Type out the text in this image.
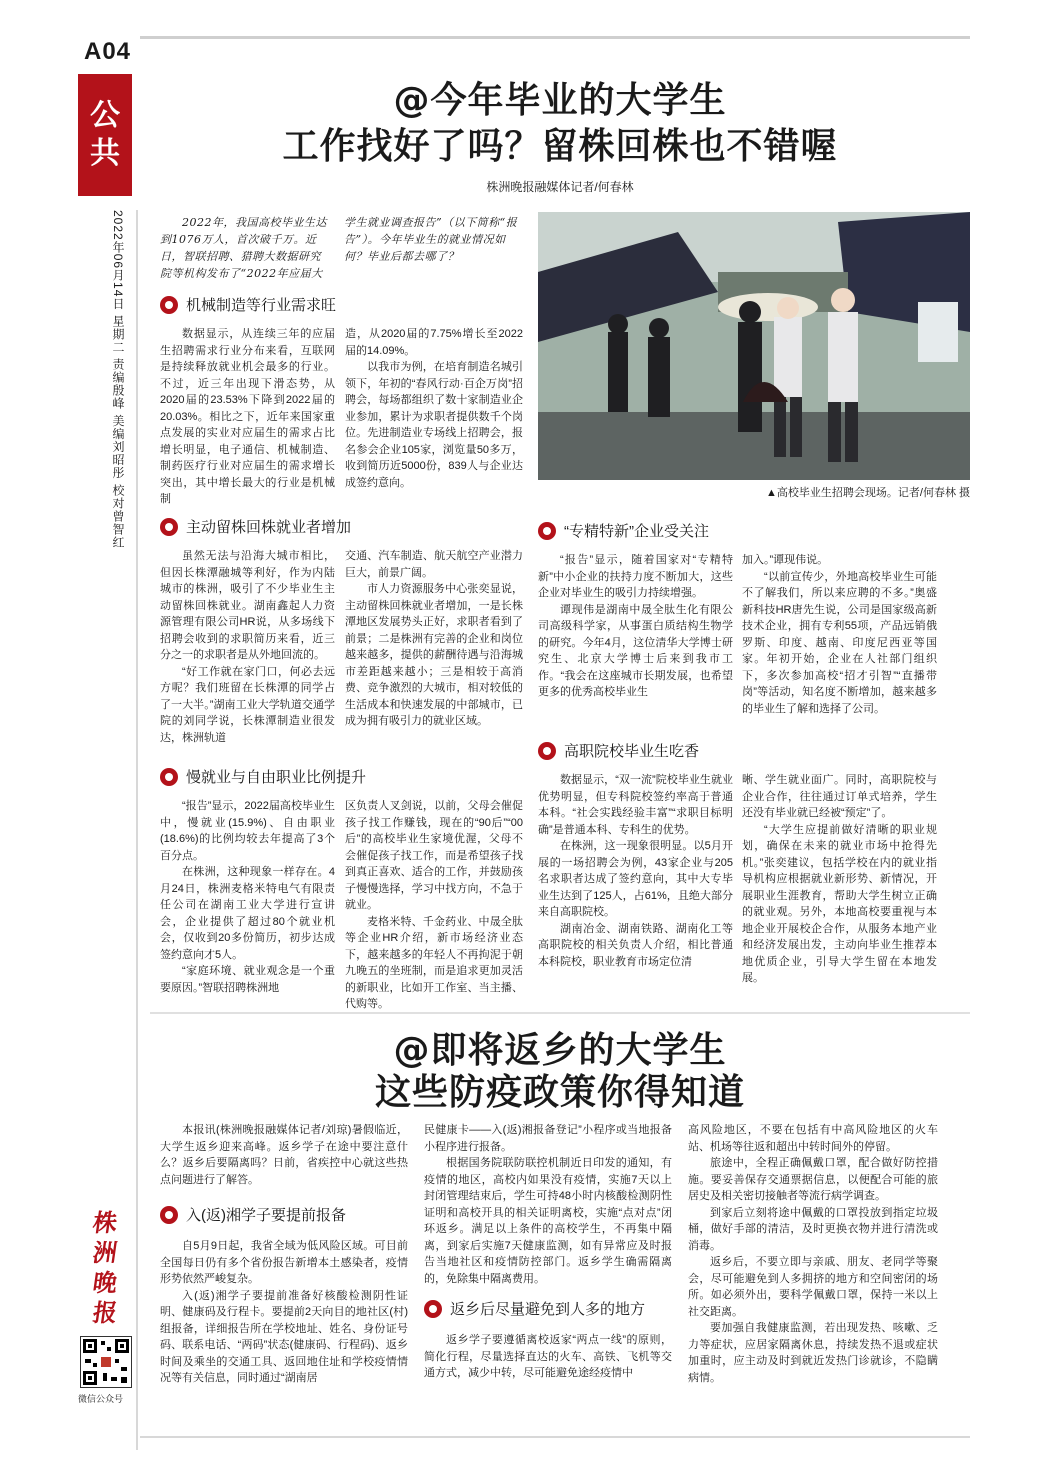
A04
公
共
2022年06月14日 星期二 责编殷峰 美编刘昭彤 校对曾智红
@今年毕业的大学生
工作找好了吗？留株回株也不错喔
株洲晚报融媒体记者/何春林
2022年，我国高校毕业生达到1076万人，首次破千万。近日，智联招聘、猎聘大数据研究院等机构发布了“2022年应届大
学生就业调查报告”（以下简称“报告”）。今年毕业生的就业情况如何？毕业后都去哪了？
机械制造等行业需求旺

数据显示，从连续三年的应届生招聘需求行业分布来看，互联网是持续释放就业机会最多的行业。不过，近三年出现下滑态势，从2020届的23.53%下降到2022届的20.03%。相比之下，近年来国家重点发展的实业对应届生的需求占比增长明显，电子通信、机械制造、制药医疗行业对应届生的需求增长突出，其中增长最大的行业是机械制

造，从2020届的7.75%增长至2022届的14.09%。

以我市为例，在培育制造名城引领下，年初的“春风行动·百企万岗”招聘会，每场都组织了数十家制造业企业参加，累计为求职者提供数千个岗位。先进制造业专场线上招聘会，报名参会企业105家，浏览量50多万，收到简历近5000份，839人与企业达成签约意向。

▲高校毕业生招聘会现场。记者/何春林 摄
主动留株回株就业者增加

虽然无法与沿海大城市相比，但因长株潭融城等利好，作为内陆城市的株洲，吸引了不少毕业生主动留株回株就业。湖南鑫起人力资源管理有限公司HR说，从多场线下招聘会收到的求职简历来看，近三分之一的求职者是从外地回流的。

“好工作就在家门口，何必去远方呢？我们班留在长株潭的同学占了一大半。”湖南工业大学轨道交通学院的刘同学说，长株潭制造业很发达，株洲轨道

交通、汽车制造、航天航空产业潜力巨大，前景广阔。

市人力资源服务中心张奕显说，主动留株回株就业者增加，一是长株潭地区发展势头正好，求职者看到了前景；二是株洲有完善的企业和岗位越来越多，提供的薪酬待遇与沿海城市差距越来越小；三是相较于高消费、竞争激烈的大城市，相对较低的生活成本和快速发展的中部城市，已成为拥有吸引力的就业区域。

“专精特新”企业受关注

“报告”显示，随着国家对“专精特新”中小企业的扶持力度不断加大，这些企业对毕业生的吸引力持续增强。

谭现伟是湖南中晟全肽生化有限公司高级科学家，从事蛋白质结构生物学的研究。今年4月，这位清华大学博士研究生、北京大学博士后来到我市工作。“我会在这座城市长期发展，也希望更多的优秀高校毕业生

加入。”谭现伟说。

“以前宣传少，外地高校毕业生可能不了解我们，所以来应聘的不多。”奥盛新科技HR唐先生说，公司是国家级高新技术企业，拥有专利55项，产品远销俄罗斯、印度、越南、印度尼西亚等国家。年初开始，企业在人社部门组织下，多次参加高校“招才引智”“直播带岗”等活动，知名度不断增加，越来越多的毕业生了解和选择了公司。

慢就业与自由职业比例提升

“报告”显示，2022届高校毕业生中，慢就业(15.9%)、自由职业(18.6%)的比例均较去年提高了3个百分点。

在株洲，这种现象一样存在。4月24日，株洲麦格米特电气有限责任公司在湖南工业大学进行宣讲会，企业提供了超过80个就业机会，仅收到20多份简历，初步达成签约意向才5人。

“家庭环境、就业观念是一个重要原因。”智联招聘株洲地

区负责人叉剑说，以前，父母会催促孩子找工作赚钱，现在的“90后”“00后”的高校毕业生家境优渥，父母不会催促孩子找工作，而是希望孩子找到真正喜欢、适合的工作，并鼓励孩子慢慢选择，学习中找方向，不急于就业。

麦格米特、千金药业、中晟全肽等企业HR介绍，新市场经济业态下，越来越多的年轻人不再拘泥于朝九晚五的坐班制，而是追求更加灵活的新职业，比如开工作室、当主播、代购等。

高职院校毕业生吃香

数据显示，“双一流”院校毕业生就业优势明显，但专科院校签约率高于普通本科。“社会实践经验丰富”“求职目标明确”是普通本科、专科生的优势。

在株洲，这一现象很明显。以5月开展的一场招聘会为例，43家企业与205名求职者达成了签约意向，其中大专毕业生达到了125人，占61%，且绝大部分来自高职院校。

湖南冶金、湖南铁路、湖南化工等高职院校的相关负责人介绍，相比普通本科院校，职业教育市场定位清

晰、学生就业面广。同时，高职院校与企业合作，往往通过订单式培养，学生还没有毕业就已经被“预定”了。

“大学生应提前做好清晰的职业规划，确保在未来的就业市场中抢得先机。”张奕建议，包括学校在内的就业指导机构应根据就业新形势、新情况，开展职业生涯教育，帮助大学生树立正确的就业观。另外，本地高校要重视与本地企业开展校企合作，从服务本地产业和经济发展出发，主动向毕业生推荐本地优质企业，引导大学生留在本地发展。

@即将返乡的大学生
这些防疫政策你得知道

本报讯(株洲晚报融媒体记者/刘琼)暑假临近，大学生返乡迎来高峰。返乡学子在途中要注意什么？返乡后要隔离吗？日前，省疾控中心就这些热点问题进行了解答。

入(返)湘学子要提前报备

自5月9日起，我省全域为低风险区域。可目前全国每日仍有多个省份报告新增本土感染者，疫情形势依然严峻复杂。

入(返)湘学子要提前准备好核酸检测阴性证明、健康码及行程卡。要提前2天向目的地社区(村)组报备，详细报告所在学校地址、姓名、身份证号码、联系电话、“两码”状态(健康码、行程码)、返乡时间及乘坐的交通工具、返回地住址和学校疫情情况等有关信息，同时通过“湖南居

民健康卡——入(返)湘报备登记”小程序或当地报备小程序进行报备。

根据国务院联防联控机制近日印发的通知，有疫情的地区，高校内如果没有疫情，实施7天以上封闭管理结束后，学生可持48小时内核酸检测阴性证明和高校开具的相关证明离校，实施“点对点”闭环返乡。满足以上条件的高校学生，不再集中隔离，到家后实施7天健康监测，如有异常应及时报告当地社区和疫情防控部门。返乡学生确需隔离的，免除集中隔离费用。

返乡后尽量避免到人多的地方

返乡学子要遵循离校返家“两点一线”的原则，简化行程，尽量选择直达的火车、高铁、飞机等交通方式，减少中转，尽可能避免途经疫情中

高风险地区，不要在包括有中高风险地区的火车站、机场等往返和超出中转时间外的停留。

旅途中，全程正确佩戴口罩，配合做好防控措施。要妥善保存交通票据信息，以便配合可能的旅居史及相关密切接触者等流行病学调查。

到家后立刻将途中佩戴的口罩投放到指定垃圾桶，做好手部的清洁，及时更换衣物并进行清洗或消毒。

返乡后，不要立即与亲戚、朋友、老同学等聚会，尽可能避免到人多拥挤的地方和空间密闭的场所。如必须外出，要科学佩戴口罩，保持一米以上社交距离。

要加强自我健康监测，若出现发热、咳嗽、乏力等症状，应居家隔离休息，持续发热不退或症状加重时，应主动及时到就近发热门诊就诊，不隐瞒病情。

株
洲
晚
报
微信公众号
